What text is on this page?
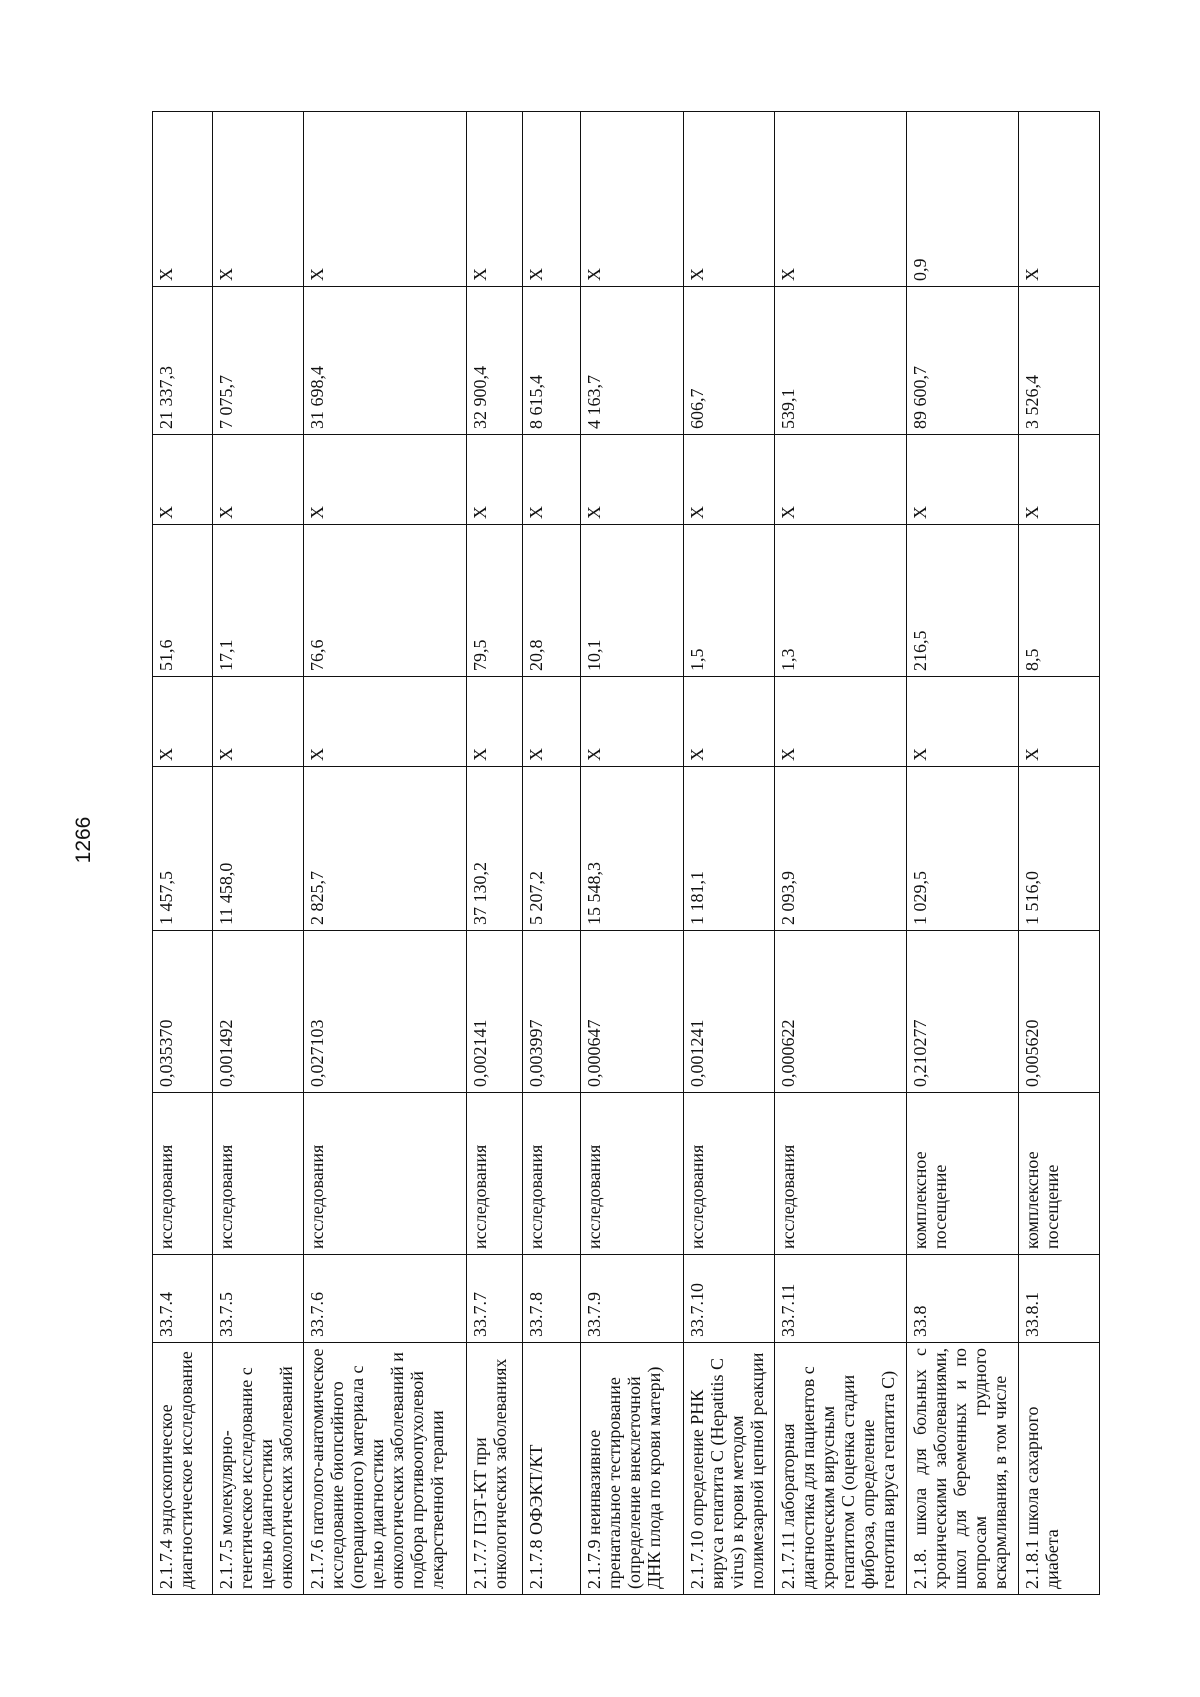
1266
2.1.7.4 эндоскопическое диагностическое исследование	33.7.4	исследования	0,035370	1 457,5	Х	51,6	Х	21 337,3	Х
2.1.7.5 молекулярно-генетическое исследование с целью диагностики онкологических заболеваний	33.7.5	исследования	0,001492	11 458,0	Х	17,1	Х	7 075,7	Х
2.1.7.6 патолого-анатомическое исследование биопсийного (операционного) материала с целью диагностики онкологических заболеваний и подбора противоопухолевой лекарственной терапии	33.7.6	исследования	0,027103	2 825,7	Х	76,6	Х	31 698,4	Х
2.1.7.7 ПЭТ-КТ при онкологических заболеваниях	33.7.7	исследования	0,002141	37 130,2	Х	79,5	Х	32 900,4	Х
2.1.7.8 ОФЭКТ/КТ	33.7.8	исследования	0,003997	5 207,2	Х	20,8	Х	8 615,4	Х
2.1.7.9 неинвазивное пренатальное тестирование (определение внеклеточной ДНК плода по крови матери)	33.7.9	исследования	0,000647	15 548,3	Х	10,1	Х	4 163,7	Х
2.1.7.10 определение РНК вируса гепатита С (Hepatitis С virus) в крови методом полимезарной цепной реакции	33.7.10	исследования	0,001241	1 181,1	Х	1,5	Х	606,7	Х
2.1.7.11 лабораторная диагностика для пациентов с хроническим вирусным гепатитом С (оценка стадии фиброза, определение генотипа вируса гепатита С)	33.7.11	исследования	0,000622	2 093,9	Х	1,3	Х	539,1	Х
2.1.8. школа для больных с хроническими заболеваниями, школ для беременных и по вопросам грудного вскармливания, в том числе	33.8	комплексное посещение	0,210277	1 029,5	Х	216,5	Х	89 600,7	0,9
2.1.8.1 школа сахарного диабета	33.8.1	комплексное посещение	0,005620	1 516,0	Х	8,5	Х	3 526,4	Х
